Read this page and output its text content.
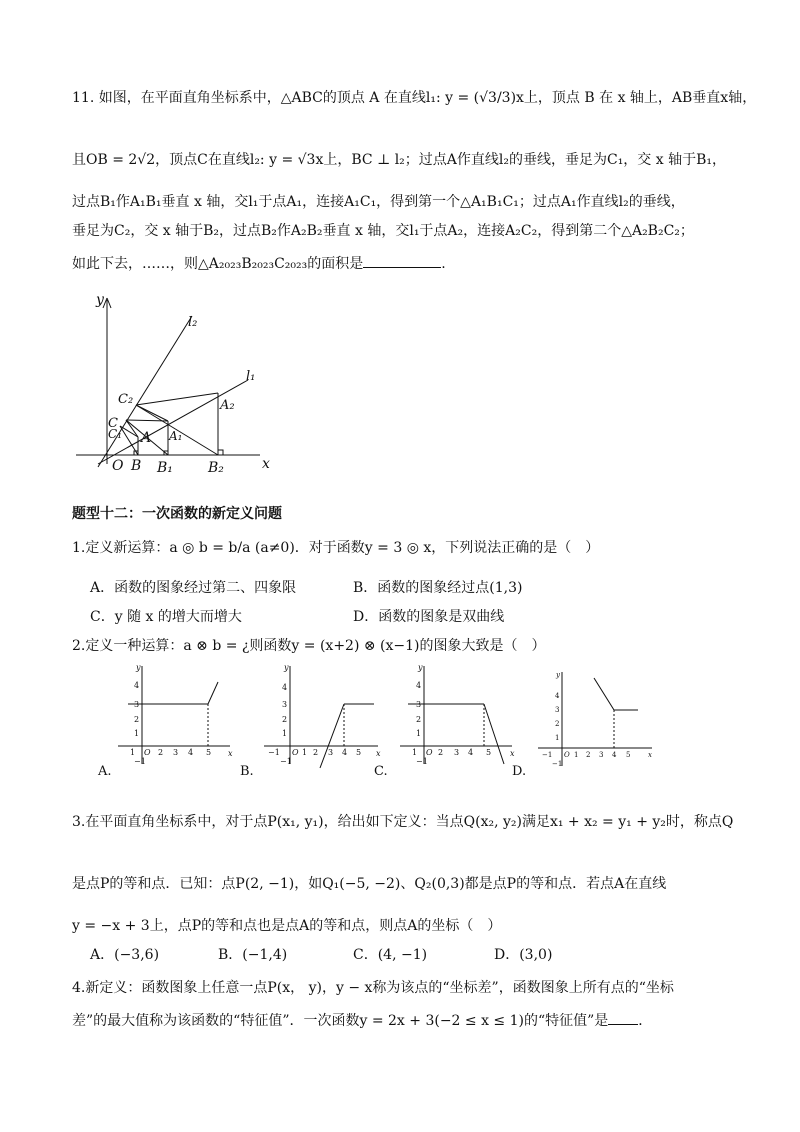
11. 如图，在平面直角坐标系中，△ABC的顶点 A 在直线l₁: y = (√3/3)x上，顶点 B 在 x 轴上，AB垂直x轴，
且OB = 2√2，顶点C在直线l₂: y = √3x上，BC ⊥ l₂；过点A作直线l₂的垂线，垂足为C₁，交 x 轴于B₁，
过点B₁作A₁B₁垂直 x 轴，交l₁于点A₁，连接A₁C₁，得到第一个△A₁B₁C₁；过点A₁作直线l₂的垂线，
垂足为C₂，交 x 轴于B₂，过点B₂作A₂B₂垂直 x 轴，交l₁于点A₂，连接A₂C₂，得到第二个△A₂B₂C₂；
如此下去，……，则△A₂₀₂₃B₂₀₂₃C₂₀₂₃的面积是	.
y
x
O B B₁	B₂
A A₁
A₂
C
C₁
C₂
l₁
l₂
题型十二：一次函数的新定义问题
1.定义新运算：a ◎ b = b/a (a≠0)．对于函数y = 3 ◎ x，下列说法正确的是（　）
A．函数的图象经过第二、四象限	B．函数的图象经过点(1,3)
C．y 随 x 的增大而增大	D．函数的图象是双曲线
2.定义一种运算：a ⊗ b = ¿则函数y = (x+2) ⊗ (x−1)的图象大致是（　）
y
x
4
3
2
1
1 O 2 3 4 5
−1
A.
y
x
4
3
2
1
−1 O 1 2 3 4 5
−1
B.
y
x
4
3
2
1
1 O 2 3 4 5
−1
C.
y
x
4
3
2
1
−1 O 1 2 3 4 5
−1
D.
3.在平面直角坐标系中，对于点P(x₁, y₁)，给出如下定义：当点Q(x₂, y₂)满足x₁ + x₂ = y₁ + y₂时，称点Q
是点P的等和点．已知：点P(2, −1)，如Q₁(−5, −2)、Q₂(0,3)都是点P的等和点．若点A在直线
y = −x + 3上，点P的等和点也是点A的等和点，则点A的坐标（　）
A．(−3,6)	B．(−1,4)	C．(4, −1)	D．(3,0)
4.新定义：函数图象上任意一点P(x， y)，y − x称为该点的“坐标差”，函数图象上所有点的“坐标
差”的最大值称为该函数的“特征值”．一次函数y = 2x + 3(−2 ≤ x ≤ 1)的“特征值”是 ．
